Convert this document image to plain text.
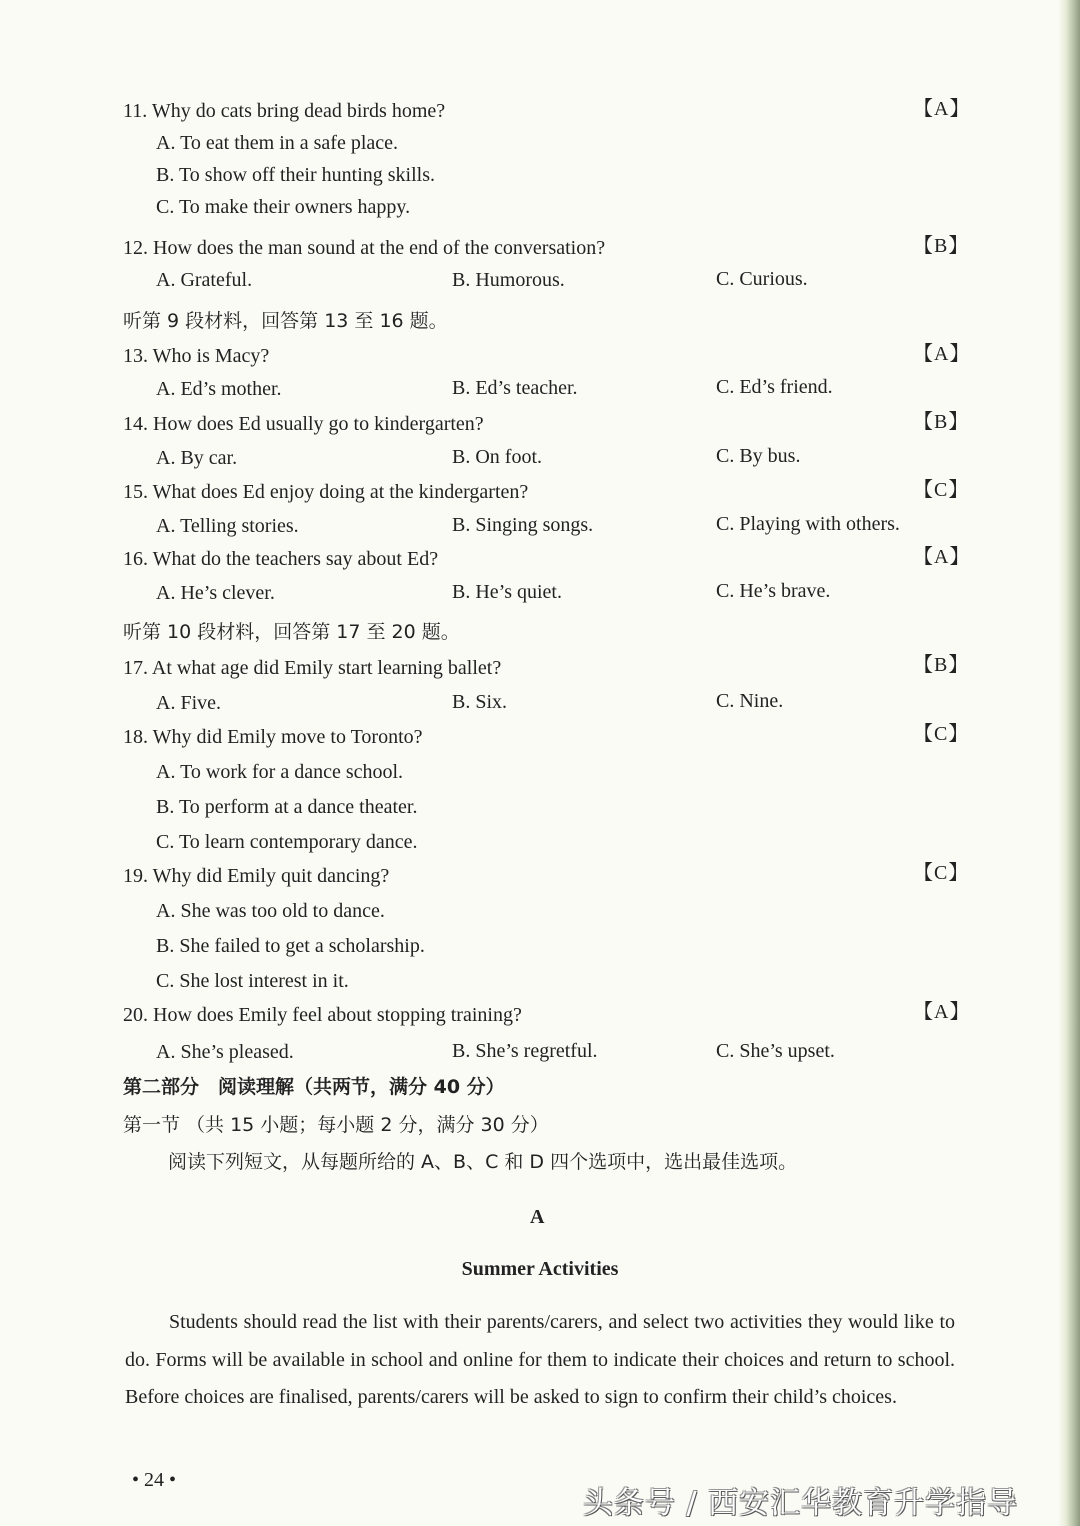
11. Why do cats bring dead birds home?	【A】
A. To eat them in a safe place.
B. To show off their hunting skills.
C. To make their owners happy.
12. How does the man sound at the end of the conversation?	【B】
A. Grateful.	B. Humorous.	C. Curious.
听第 9 段材料，回答第 13 至 16 题。
13. Who is Macy?	【A】
A. Ed’s mother.	B. Ed’s teacher.	C. Ed’s friend.
14. How does Ed usually go to kindergarten?	【B】
A. By car.	B. On foot.	C. By bus.
15. What does Ed enjoy doing at the kindergarten?	【C】
A. Telling stories.	B. Singing songs.	C. Playing with others.
16. What do the teachers say about Ed?	【A】
A. He’s clever.	B. He’s quiet.	C. He’s brave.
听第 10 段材料，回答第 17 至 20 题。
17. At what age did Emily start learning ballet?	【B】
A. Five.	B. Six.	C. Nine.
18. Why did Emily move to Toronto?	【C】
A. To work for a dance school.
B. To perform at a dance theater.
C. To learn contemporary dance.
19. Why did Emily quit dancing?	【C】
A. She was too old to dance.
B. She failed to get a scholarship.
C. She lost interest in it.
20. How does Emily feel about stopping training?	【A】
A. She’s pleased.	B. She’s regretful.	C. She’s upset.
第二部分　阅读理解（共两节，满分 40 分）
第一节 （共 15 小题；每小题 2 分，满分 30 分）
阅读下列短文，从每题所给的 A、B、C 和 D 四个选项中，选出最佳选项。
A
Summer Activities

Students should read the list with their parents/carers, and select two activities they would like to do. Forms will be available in school and online for them to indicate their choices and return to school. Before choices are finalised, parents/carers will be asked to sign to confirm their child’s choices.

• 24 •
头条号 / 西安汇华教育升学指导
